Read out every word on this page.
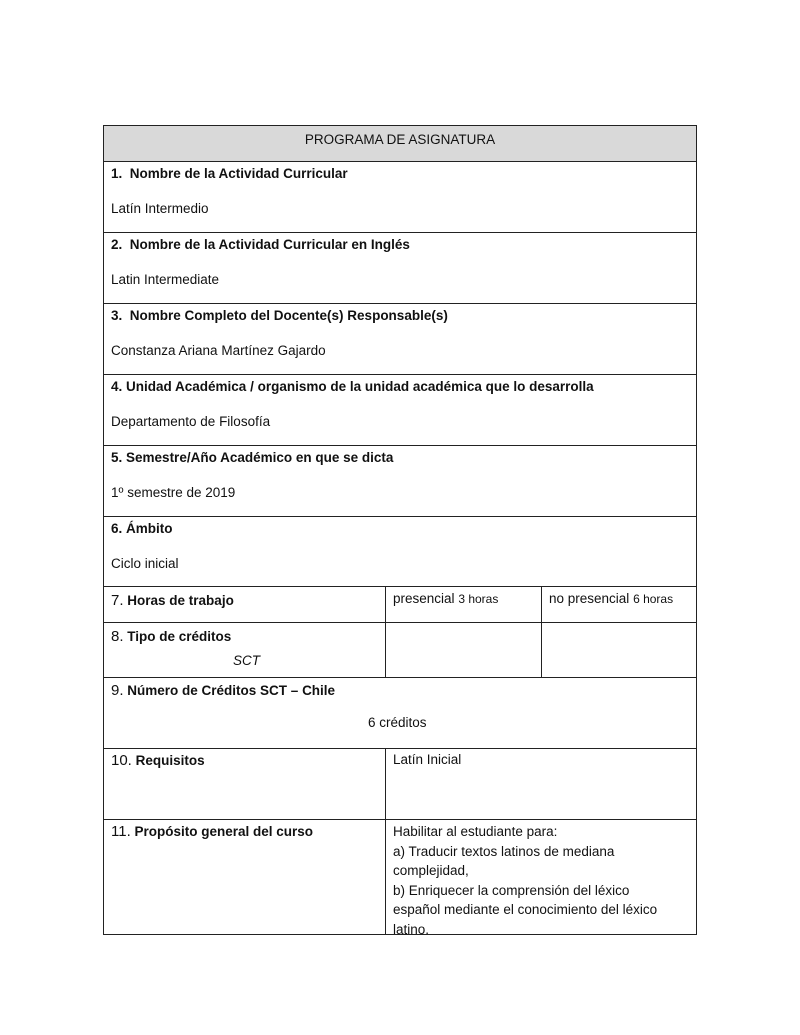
PROGRAMA DE ASIGNATURA
1. Nombre de la Actividad Curricular
Latín Intermedio
2. Nombre de la Actividad Curricular en Inglés
Latin Intermediate
3. Nombre Completo del Docente(s) Responsable(s)
Constanza Ariana Martínez Gajardo
4. Unidad Académica / organismo de la unidad académica que lo desarrolla
Departamento de Filosofía
5. Semestre/Año Académico en que se dicta
1º semestre de 2019
6. Ámbito
Ciclo inicial
7. Horas de trabajo	presencial 3 horas	no presencial 6 horas
8. Tipo de créditos
SCT
9. Número de Créditos SCT – Chile
6 créditos
10. Requisitos	Latín Inicial
11. Propósito general del curso	Habilitar al estudiante para:
a) Traducir textos latinos de mediana
complejidad,
b) Enriquecer la comprensión del léxico
español mediante el conocimiento del léxico
latino.
